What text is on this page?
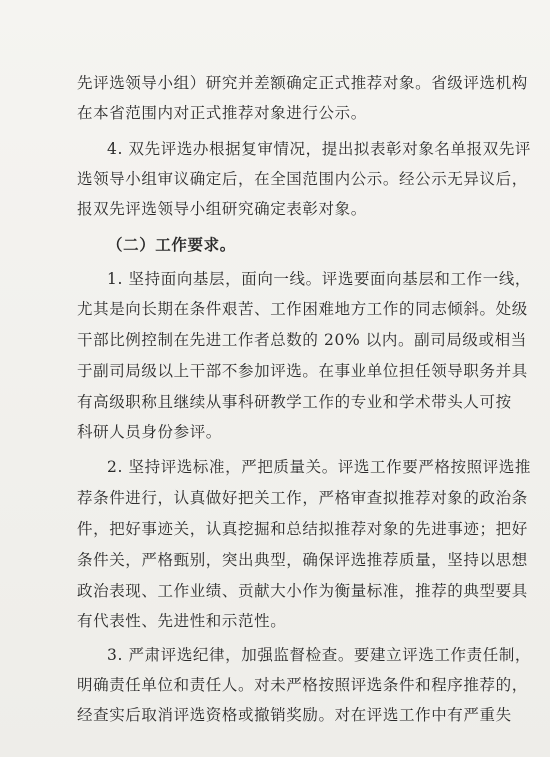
先评选领导小组）研究并差额确定正式推荐对象。省级评选机构
在本省范围内对正式推荐对象进行公示。
4. 双先评选办根据复审情况，提出拟表彰对象名单报双先评
选领导小组审议确定后，在全国范围内公示。经公示无异议后，
报双先评选领导小组研究确定表彰对象。
（二）工作要求。
1. 坚持面向基层，面向一线。评选要面向基层和工作一线，
尤其是向长期在条件艰苦、工作困难地方工作的同志倾斜。处级
干部比例控制在先进工作者总数的 20% 以内。副司局级或相当
于副司局级以上干部不参加评选。在事业单位担任领导职务并具
有高级职称且继续从事科研教学工作的专业和学术带头人可按
科研人员身份参评。
2. 坚持评选标准，严把质量关。评选工作要严格按照评选推
荐条件进行，认真做好把关工作，严格审查拟推荐对象的政治条
件，把好事迹关，认真挖掘和总结拟推荐对象的先进事迹；把好
条件关，严格甄别，突出典型，确保评选推荐质量，坚持以思想
政治表现、工作业绩、贡献大小作为衡量标准，推荐的典型要具
有代表性、先进性和示范性。
3. 严肃评选纪律，加强监督检查。要建立评选工作责任制，
明确责任单位和责任人。对未严格按照评选条件和程序推荐的，
经查实后取消评选资格或撤销奖励。对在评选工作中有严重失
